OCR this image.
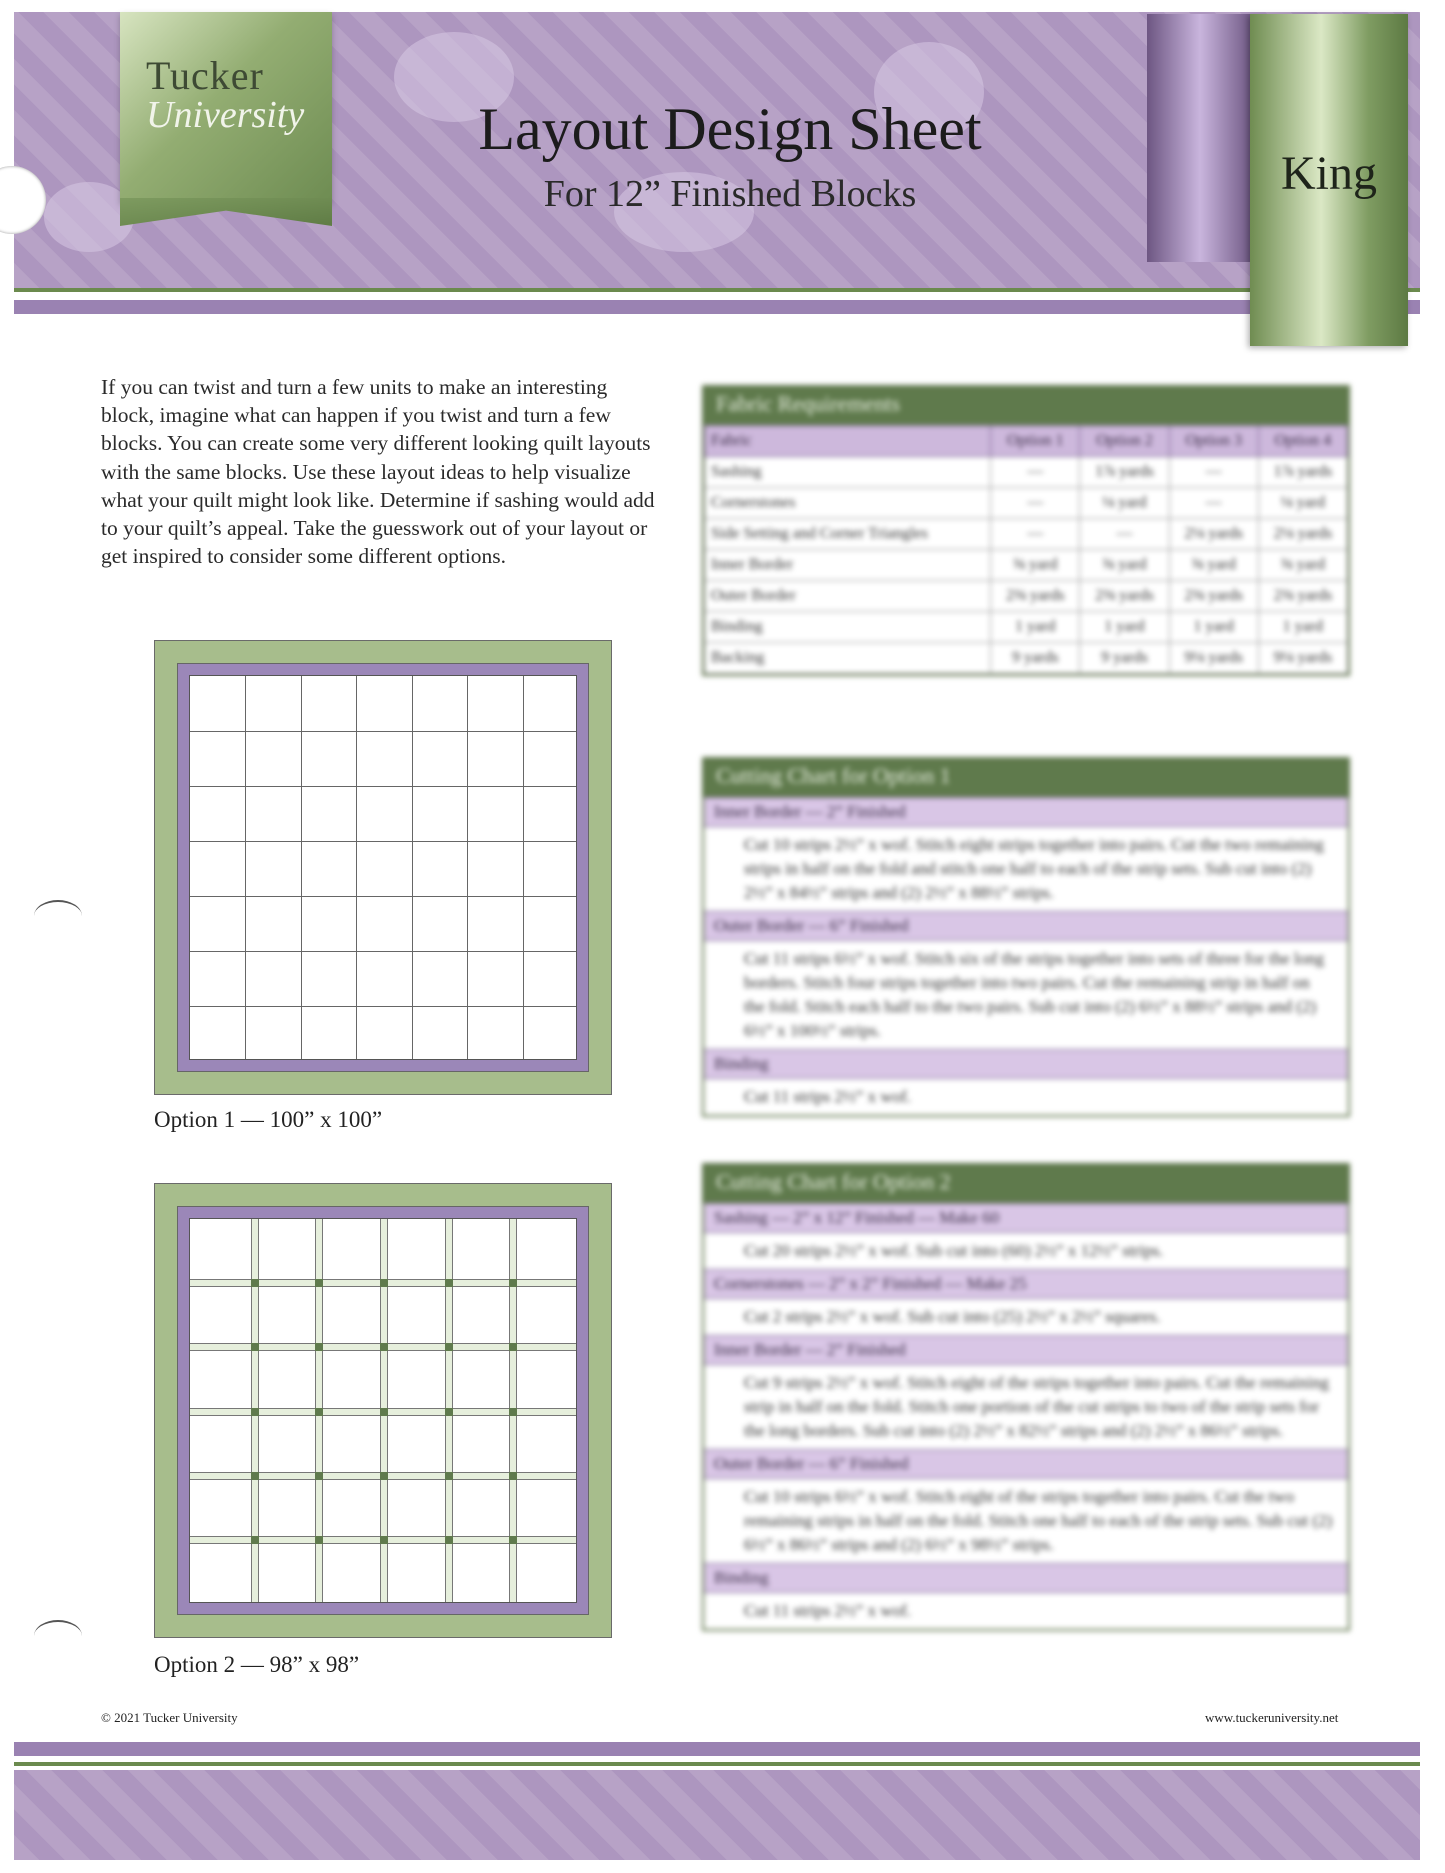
Tucker
University	Layout Design Sheet
For 12” Finished Blocks	King
If you can twist and turn a few units to make an interesting block, imagine what can happen if you twist and turn a few blocks. You can create some very different looking quilt layouts with the same blocks. Use these layout ideas to help visualize what your quilt might look like. Determine if sashing would add to your quilt’s appeal. Take the guesswork out of your layout or get inspired to consider some different options.
Option 1 — 100” x 100”
Option 2 — 98” x 98”
Fabric Requirements
Fabric	Option 1	Option 2	Option 3	Option 4
Sashing	—	1⅞ yards	—	1⅞ yards
Cornerstones	—	⅛ yard	—	⅛ yard
Side Setting and Corner Triangles	—	—	2⅛ yards	2⅛ yards
Inner Border	⅝ yard	⅝ yard	⅝ yard	⅝ yard
Outer Border	2⅜ yards	2⅜ yards	2⅜ yards	2⅜ yards
Binding	1 yard	1 yard	1 yard	1 yard
Backing	9 yards	9 yards	9⅛ yards	9⅛ yards
Cutting Chart for Option 1
Inner Border — 2” Finished
Cut 10 strips 2½” x wof. Stitch eight strips together into pairs. Cut the two remaining strips in half on the fold and stitch one half to each of the strip sets. Sub cut into (2) 2½” x 84½” strips and (2) 2½” x 88½” strips.
Outer Border — 6” Finished
Cut 11 strips 6½” x wof. Stitch six of the strips together into sets of three for the long borders. Stitch four strips together into two pairs. Cut the remaining strip in half on the fold. Stitch each half to the two pairs. Sub cut into (2) 6½” x 88½” strips and (2) 6½” x 100½” strips.
Binding
Cut 11 strips 2½” x wof.
Cutting Chart for Option 2
Sashing — 2” x 12” Finished — Make 60
Cut 20 strips 2½” x wof. Sub cut into (60) 2½” x 12½” strips.
Cornerstones — 2” x 2” Finished — Make 25
Cut 2 strips 2½” x wof. Sub cut into (25) 2½” x 2½” squares.
Inner Border — 2” Finished
Cut 9 strips 2½” x wof. Stitch eight of the strips together into pairs. Cut the remaining strip in half on the fold. Stitch one portion of the cut strips to two of the strip sets for the long borders. Sub cut into (2) 2½” x 82½” strips and (2) 2½” x 86½” strips.
Outer Border — 6” Finished
Cut 10 strips 6½” x wof. Stitch eight of the strips together into pairs. Cut the two remaining strips in half on the fold. Stitch one half to each of the strip sets. Sub cut (2) 6½” x 86½” strips and (2) 6½” x 98½” strips.
Binding
Cut 11 strips 2½” x wof.
© 2021 Tucker University	www.tuckeruniversity.net
